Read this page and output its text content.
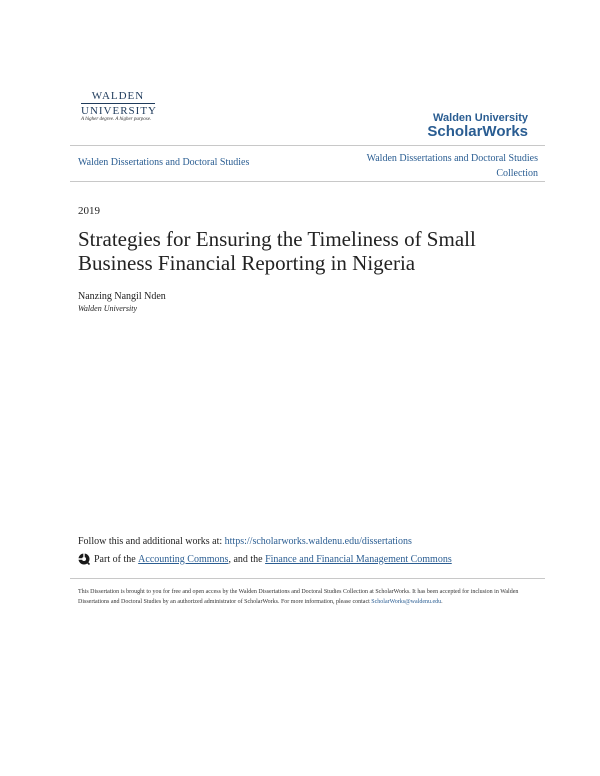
WALDEN
UNIVERSITY
A higher degree. A higher purpose.	Walden University
ScholarWorks
Walden Dissertations and Doctoral Studies	Walden Dissertations and Doctoral Studies Collection
2019
Strategies for Ensuring the Timeliness of Small Business Financial Reporting in Nigeria
Nanzing Nangil Nden
Walden University
Follow this and additional works at: https://scholarworks.waldenu.edu/dissertations
Part of the
Accounting Commons , and the
Finance and Financial Management Commons
This Dissertation is brought to you for free and open access by the Walden Dissertations and Doctoral Studies Collection at ScholarWorks. It has been accepted for inclusion in Walden Dissertations and Doctoral Studies by an authorized administrator of ScholarWorks. For more information, please contact ScholarWorks@waldenu.edu.
